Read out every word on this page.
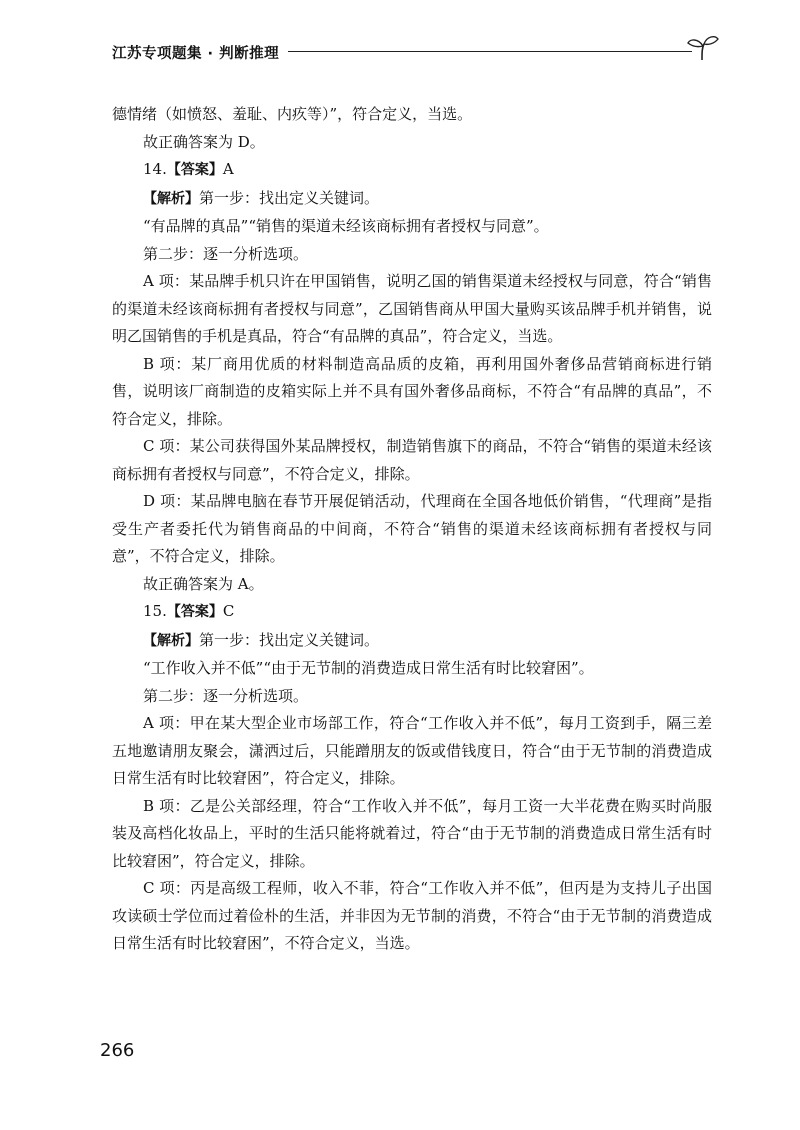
江苏专项题集 · 判断推理

德情绪（如愤怒、羞耻、内疚等）”，符合定义，当选。

故正确答案为 D。

14.【答案】A

【解析】第一步：找出定义关键词。

“有品牌的真品”“销售的渠道未经该商标拥有者授权与同意”。

第二步：逐一分析选项。

A 项：某品牌手机只许在甲国销售，说明乙国的销售渠道未经授权与同意，符合“销售的渠道未经该商标拥有者授权与同意”，乙国销售商从甲国大量购买该品牌手机并销售，说明乙国销售的手机是真品，符合“有品牌的真品”，符合定义，当选。

B 项：某厂商用优质的材料制造高品质的皮箱，再利用国外奢侈品营销商标进行销售，说明该厂商制造的皮箱实际上并不具有国外奢侈品商标，不符合“有品牌的真品”，不符合定义，排除。

C 项：某公司获得国外某品牌授权，制造销售旗下的商品，不符合“销售的渠道未经该商标拥有者授权与同意”，不符合定义，排除。

D 项：某品牌电脑在春节开展促销活动，代理商在全国各地低价销售，“代理商”是指受生产者委托代为销售商品的中间商，不符合“销售的渠道未经该商标拥有者授权与同意”，不符合定义，排除。

故正确答案为 A。

15.【答案】C

【解析】第一步：找出定义关键词。

“工作收入并不低”“由于无节制的消费造成日常生活有时比较窘困”。

第二步：逐一分析选项。

A 项：甲在某大型企业市场部工作，符合“工作收入并不低”，每月工资到手，隔三差五地邀请朋友聚会，潇洒过后，只能蹭朋友的饭或借钱度日，符合“由于无节制的消费造成日常生活有时比较窘困”，符合定义，排除。

B 项：乙是公关部经理，符合“工作收入并不低”，每月工资一大半花费在购买时尚服装及高档化妆品上，平时的生活只能将就着过，符合“由于无节制的消费造成日常生活有时比较窘困”，符合定义，排除。

C 项：丙是高级工程师，收入不菲，符合“工作收入并不低”，但丙是为支持儿子出国攻读硕士学位而过着俭朴的生活，并非因为无节制的消费，不符合“由于无节制的消费造成日常生活有时比较窘困”，不符合定义，当选。

266
